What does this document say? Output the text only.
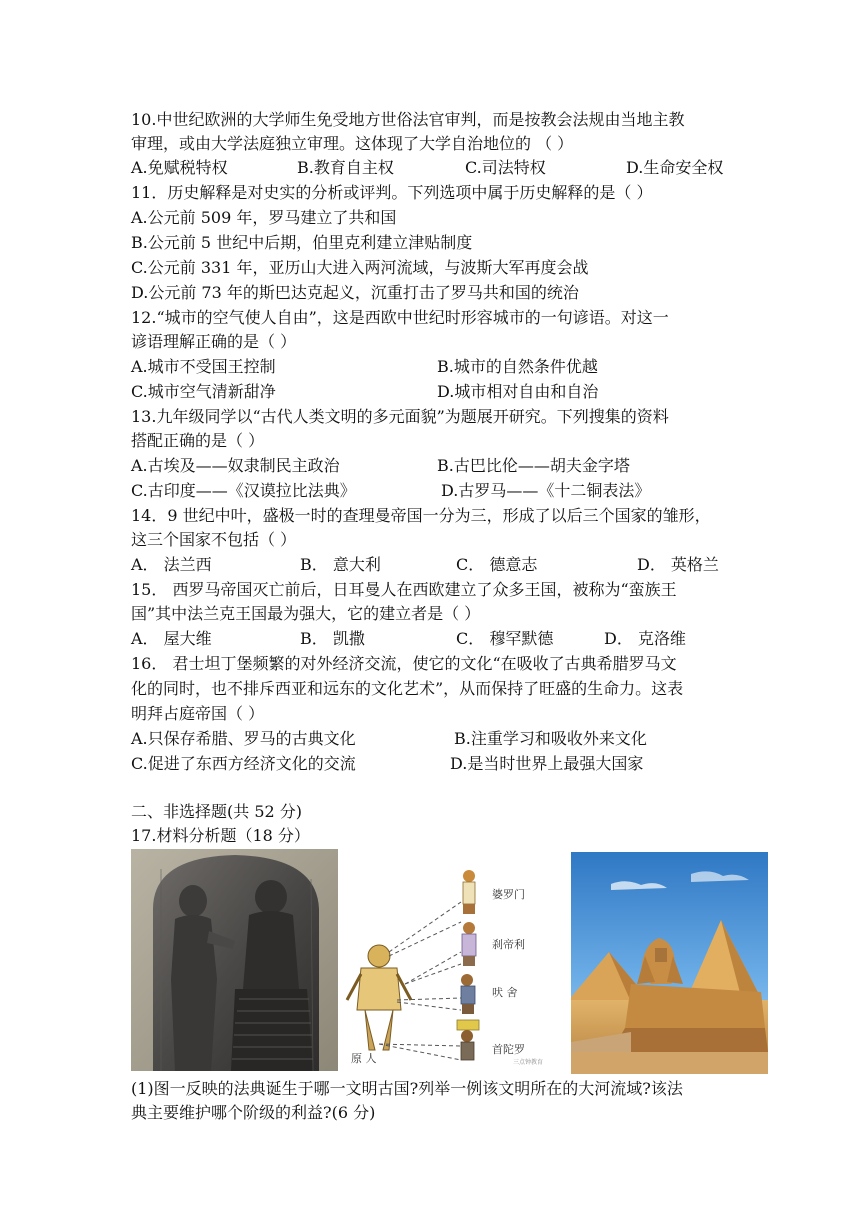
10.中世纪欧洲的大学师生免受地方世俗法官审判，而是按教会法规由当地主教
审理，或由大学法庭独立审理。这体现了大学自治地位的 （ ）
A.免赋税特权	B.教育自主权	C.司法特权	D.生命安全权
11．历史解释是对史实的分析或评判。下列选项中属于历史解释的是（ ）
A.公元前 509 年，罗马建立了共和国
B.公元前 5 世纪中后期，伯里克利建立津贴制度
C.公元前 331 年，亚历山大进入两河流域，与波斯大军再度会战
D.公元前 73 年的斯巴达克起义，沉重打击了罗马共和国的统治
12.“城市的空气使人自由”，这是西欧中世纪时形容城市的一句谚语。对这一
谚语理解正确的是（ ）
A.城市不受国王控制	B.城市的自然条件优越
C.城市空气清新甜净	D.城市相对自由和自治
13.九年级同学以“古代人类文明的多元面貌”为题展开研究。下列搜集的资料
搭配正确的是（ ）
A.古埃及——奴隶制民主政治	B.古巴比伦——胡夫金字塔
C.古印度——《汉谟拉比法典》	D.古罗马——《十二铜表法》
14．9 世纪中叶，盛极一时的查理曼帝国一分为三，形成了以后三个国家的雏形，
这三个国家不包括（ ）
A． 法兰西	B． 意大利	C． 德意志	D． 英格兰
15． 西罗马帝国灭亡前后，日耳曼人在西欧建立了众多王国，被称为“蛮族王
国”其中法兰克王国最为强大，它的建立者是（ ）
A． 屋大维	B． 凯撒	C． 穆罕默德	D． 克洛维
16． 君士坦丁堡频繁的对外经济交流，使它的文化“在吸收了古典希腊罗马文
化的同时，也不排斥西亚和远东的文化艺术”，从而保持了旺盛的生命力。这表
明拜占庭帝国（ ）
A.只保存希腊、罗马的古典文化	B.注重学习和吸收外来文化
C.促进了东西方经济文化的交流	D.是当时世界上最强大国家
二、非选择题(共 52 分)
17.材料分析题（18 分）
婆罗门
刹帝利
吠 舍
首陀罗
原 人	三点钟教育
(1)图一反映的法典诞生于哪一文明古国?列举一例该文明所在的大河流域?该法
典主要维护哪个阶级的利益?(6 分)
